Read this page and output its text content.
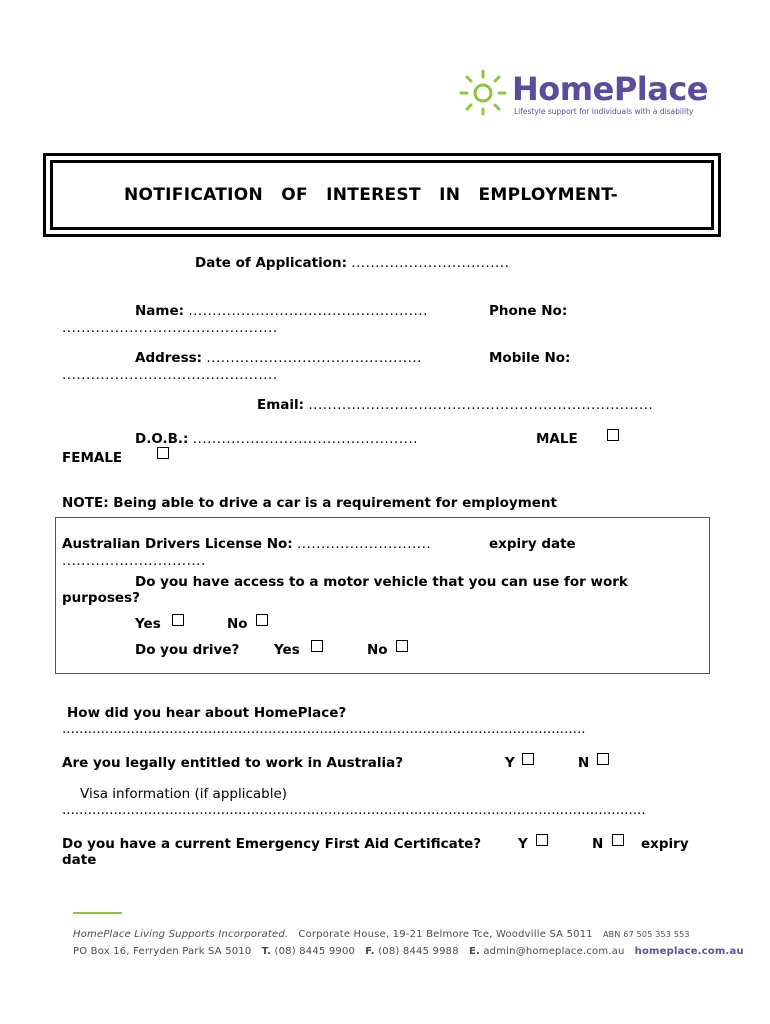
HomePlace
Lifestyle support for individuals with a disability
NOTIFICATION OF INTEREST IN EMPLOYMENT-
Date of Application: .................................
Name: ..................................................	Phone No:
.............................................
Address: .............................................	Mobile No:
.............................................
Email: ........................................................................
D.O.B.: ...............................................	MALE
FEMALE
NOTE: Being able to drive a car is a requirement for employment
Australian Drivers License No: ............................	expiry date
..............................
Do you have access to a motor vehicle that you can use for work
purposes?
Yes	No
Do you drive?	Yes	No
How did you hear about HomePlace?
..........................................................................................................................
Are you legally entitled to work in Australia?	Y	N
Visa information (if applicable)
........................................................................................................................................
Do you have a current Emergency First Aid Certificate?	Y	N	expiry
date
HomePlace Living Supports Incorporated. Corporate House, 19-21 Belmore Tce, Woodville SA 5011 ABN 67 505 353 553
PO Box 16, Ferryden Park SA 5010 T. (08) 8445 9900 F. (08) 8445 9988 E. admin@homeplace.com.au homeplace.com.au
